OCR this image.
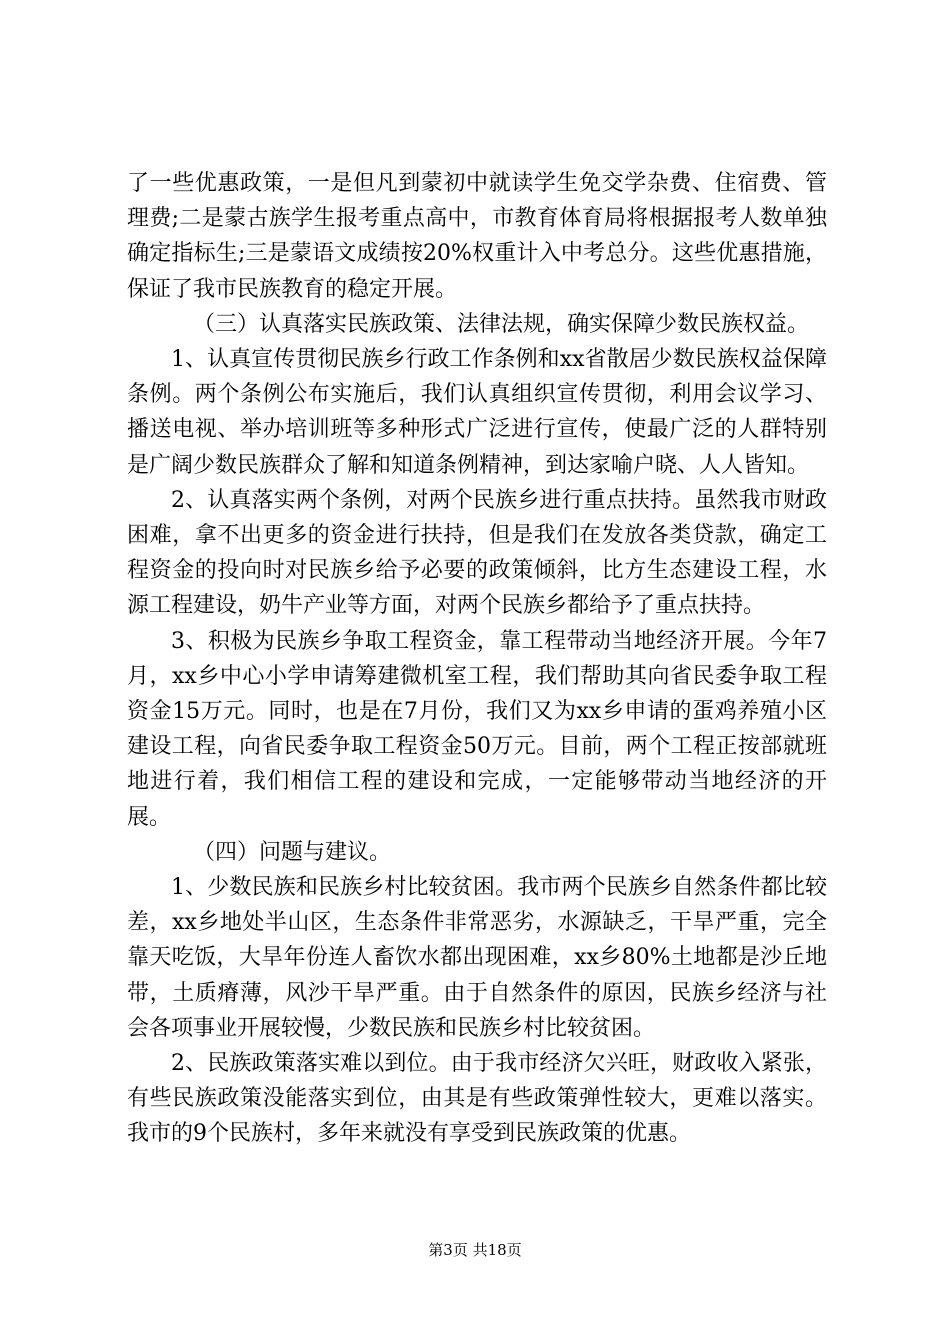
了一些优惠政策，一是但凡到蒙初中就读学生免交学杂费、住宿费、管理费;二是蒙古族学生报考重点高中，市教育体育局将根据报考人数单独确定指标生;三是蒙语文成绩按20%权重计入中考总分。这些优惠措施，保证了我市民族教育的稳定开展。

（三）认真落实民族政策、法律法规，确实保障少数民族权益。

1、认真宣传贯彻民族乡行政工作条例和xx省散居少数民族权益保障条例。两个条例公布实施后，我们认真组织宣传贯彻，利用会议学习、播送电视、举办培训班等多种形式广泛进行宣传，使最广泛的人群特别是广阔少数民族群众了解和知道条例精神，到达家喻户晓、人人皆知。

2、认真落实两个条例，对两个民族乡进行重点扶持。虽然我市财政困难，拿不出更多的资金进行扶持，但是我们在发放各类贷款，确定工程资金的投向时对民族乡给予必要的政策倾斜，比方生态建设工程，水源工程建设，奶牛产业等方面，对两个民族乡都给予了重点扶持。

3、积极为民族乡争取工程资金，靠工程带动当地经济开展。今年7月，xx乡中心小学申请筹建微机室工程，我们帮助其向省民委争取工程资金15万元。同时，也是在7月份，我们又为xx乡申请的蛋鸡养殖小区建设工程，向省民委争取工程资金50万元。目前，两个工程正按部就班地进行着，我们相信工程的建设和完成，一定能够带动当地经济的开展。

（四）问题与建议。

1、少数民族和民族乡村比较贫困。我市两个民族乡自然条件都比较差，xx乡地处半山区，生态条件非常恶劣，水源缺乏，干旱严重，完全靠天吃饭，大旱年份连人畜饮水都出现困难，xx乡80%土地都是沙丘地带，土质瘠薄，风沙干旱严重。由于自然条件的原因，民族乡经济与社会各项事业开展较慢，少数民族和民族乡村比较贫困。

2、民族政策落实难以到位。由于我市经济欠兴旺，财政收入紧张，有些民族政策没能落实到位，由其是有些政策弹性较大，更难以落实。我市的9个民族村，多年来就没有享受到民族政策的优惠。

第3页 共18页
